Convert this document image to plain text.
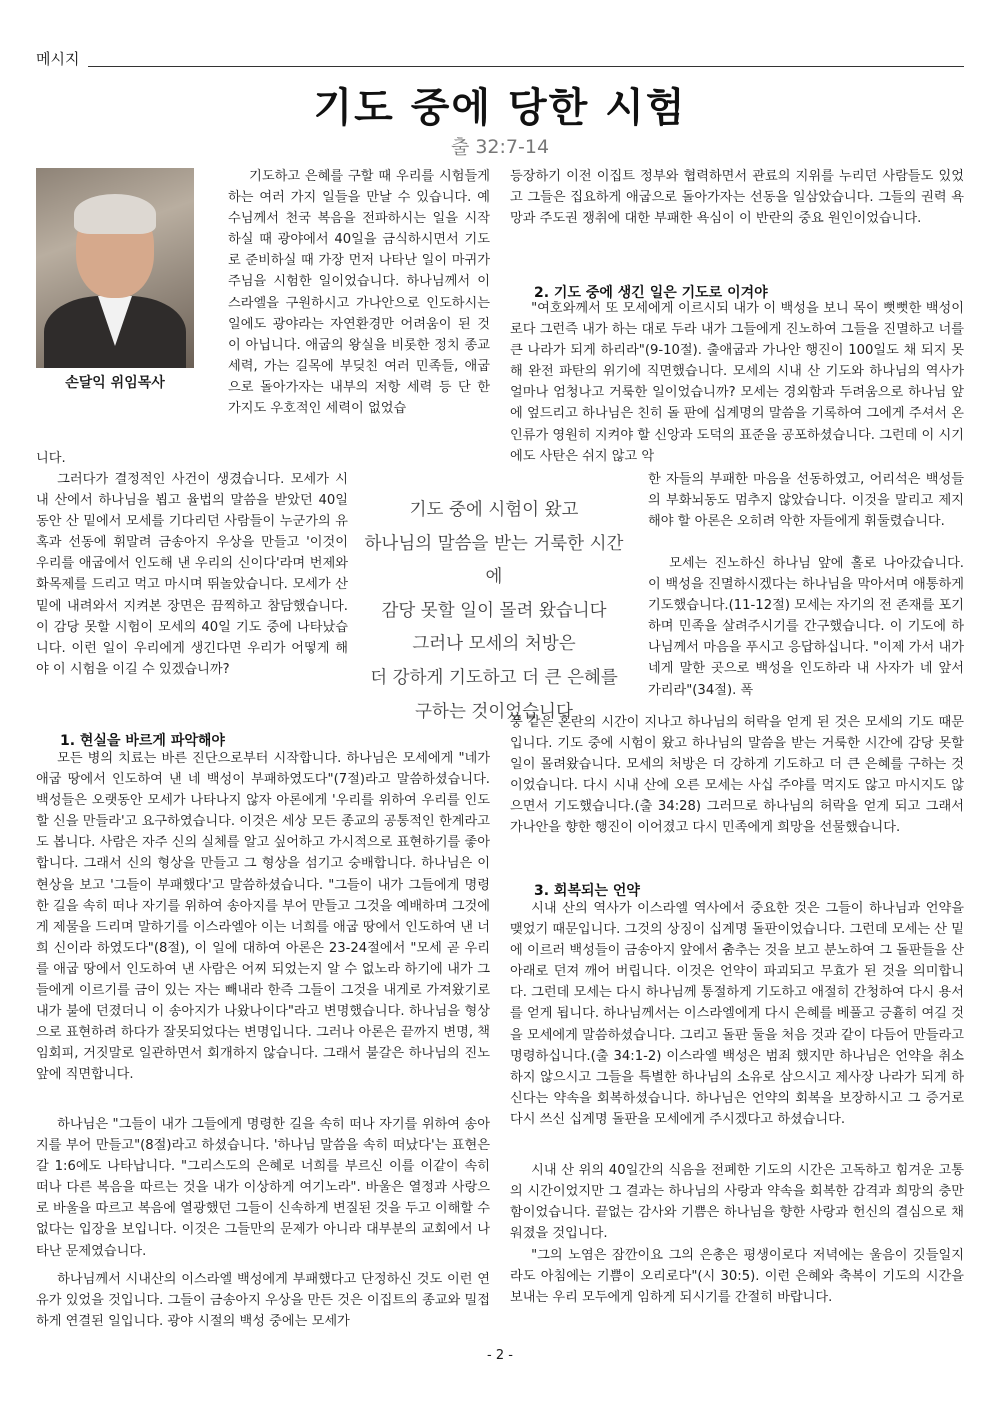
메시지
기도 중에 당한 시험
출 32:7-14
손달익 위임목사

기도하고 은혜를 구할 때 우리를 시험들게 하는 여러 가지 일들을 만날 수 있습니다. 예수님께서 천국 복음을 전파하시는 일을 시작하실 때 광야에서 40일을 금식하시면서 기도로 준비하실 때 가장 먼저 나타난 일이 마귀가 주님을 시험한 일이었습니다. 하나님께서 이스라엘을 구원하시고 가나안으로 인도하시는 일에도 광야라는 자연환경만 어려움이 된 것이 아닙니다. 애굽의 왕실을 비롯한 정치 종교 세력, 가는 길목에 부딪친 여러 민족들, 애굽으로 돌아가자는 내부의 저항 세력 등 단 한 가지도 우호적인 세력이 없었습

니다.

그러다가 결정적인 사건이 생겼습니다. 모세가 시내 산에서 하나님을 뵙고 율법의 말씀을 받았던 40일 동안 산 밑에서 모세를 기다리던 사람들이 누군가의 유혹과 선동에 휘말려 금송아지 우상을 만들고 '이것이 우리를 애굽에서 인도해 낸 우리의 신이다'라며 번제와 화목제를 드리고 먹고 마시며 뛰놀았습니다. 모세가 산 밑에 내려와서 지켜본 장면은 끔찍하고 참담했습니다. 이 감당 못할 시험이 모세의 40일 기도 중에 나타났습니다. 이런 일이 우리에게 생긴다면 우리가 어떻게 해야 이 시험을 이길 수 있겠습니까?

기도 중에 시험이 왔고
하나님의 말씀을 받는 거룩한 시간에
감당 못할 일이 몰려 왔습니다
그러나 모세의 처방은
더 강하게 기도하고 더 큰 은혜를
구하는 것이었습니다
1. 현실을 바르게 파악해야

모든 병의 치료는 바른 진단으로부터 시작합니다. 하나님은 모세에게 "네가 애굽 땅에서 인도하여 낸 네 백성이 부패하였도다"(7절)라고 말씀하셨습니다. 백성들은 오랫동안 모세가 나타나지 않자 아론에게 '우리를 위하여 우리를 인도할 신을 만들라'고 요구하였습니다. 이것은 세상 모든 종교의 공통적인 한계라고도 봅니다. 사람은 자주 신의 실체를 알고 싶어하고 가시적으로 표현하기를 좋아합니다. 그래서 신의 형상을 만들고 그 형상을 섬기고 숭배합니다. 하나님은 이 현상을 보고 '그들이 부패했다'고 말씀하셨습니다. "그들이 내가 그들에게 명령한 길을 속히 떠나 자기를 위하여 송아지를 부어 만들고 그것을 예배하며 그것에게 제물을 드리며 말하기를 이스라엘아 이는 너희를 애굽 땅에서 인도하여 낸 너희 신이라 하였도다"(8절), 이 일에 대하여 아론은 23-24절에서 "모세 곧 우리를 애굽 땅에서 인도하여 낸 사람은 어찌 되었는지 알 수 없노라 하기에 내가 그들에게 이르기를 금이 있는 자는 빼내라 한즉 그들이 그것을 내게로 가져왔기로 내가 불에 던졌더니 이 송아지가 나왔나이다"라고 변명했습니다. 하나님을 형상으로 표현하려 하다가 잘못되었다는 변명입니다. 그러나 아론은 끝까지 변명, 책임회피, 거짓말로 일관하면서 회개하지 않습니다. 그래서 불갈은 하나님의 진노 앞에 직면합니다.

하나님은 "그들이 내가 그들에게 명령한 길을 속히 떠나 자기를 위하여 송아지를 부어 만들고"(8절)라고 하셨습니다. '하나님 말씀을 속히 떠났다'는 표현은 갈 1:6에도 나타납니다. "그리스도의 은혜로 너희를 부르신 이를 이같이 속히 떠나 다른 복음을 따르는 것을 내가 이상하게 여기노라". 바울은 열정과 사랑으로 바울을 따르고 복음에 열광했던 그들이 신속하게 변질된 것을 두고 이해할 수 없다는 입장을 보입니다. 이것은 그들만의 문제가 아니라 대부분의 교회에서 나타난 문제였습니다.

하나님께서 시내산의 이스라엘 백성에게 부패했다고 단정하신 것도 이런 연유가 있었을 것입니다. 그들이 금송아지 우상을 만든 것은 이집트의 종교와 밀접하게 연결된 일입니다. 광야 시절의 백성 중에는 모세가

등장하기 이전 이집트 정부와 협력하면서 관료의 지위를 누리던 사람들도 있었고 그들은 집요하게 애굽으로 돌아가자는 선동을 일삼았습니다. 그들의 권력 욕망과 주도권 쟁취에 대한 부패한 욕심이 이 반란의 중요 원인이었습니다.

2. 기도 중에 생긴 일은 기도로 이겨야

"여호와께서 또 모세에게 이르시되 내가 이 백성을 보니 목이 뻣뻣한 백성이로다 그런즉 내가 하는 대로 두라 내가 그들에게 진노하여 그들을 진멸하고 너를 큰 나라가 되게 하리라"(9-10절). 출애굽과 가나안 행진이 100일도 채 되지 못해 완전 파탄의 위기에 직면했습니다. 모세의 시내 산 기도와 하나님의 역사가 얼마나 엄청나고 거룩한 일이었습니까? 모세는 경외함과 두려움으로 하나님 앞에 엎드리고 하나님은 친히 돌 판에 십계명의 말씀을 기록하여 그에게 주셔서 온 인류가 영원히 지켜야 할 신앙과 도덕의 표준을 공포하셨습니다. 그런데 이 시기에도 사탄은 쉬지 않고 악

한 자들의 부패한 마음을 선동하였고, 어리석은 백성들의 부화뇌동도 멈추지 않았습니다. 이것을 말리고 제지해야 할 아론은 오히려 악한 자들에게 휘둘렸습니다.

모세는 진노하신 하나님 앞에 홀로 나아갔습니다. 이 백성을 진멸하시겠다는 하나님을 막아서며 애통하게 기도했습니다.(11-12절) 모세는 자기의 전 존재를 포기하며 민족을 살려주시기를 간구했습니다. 이 기도에 하나님께서 마음을 푸시고 응답하십니다. "이제 가서 내가 네게 말한 곳으로 백성을 인도하라 내 사자가 네 앞서 가리라"(34절). 폭

풍 같은 혼란의 시간이 지나고 하나님의 허락을 얻게 된 것은 모세의 기도 때문입니다. 기도 중에 시험이 왔고 하나님의 말씀을 받는 거룩한 시간에 감당 못할 일이 몰려왔습니다. 모세의 처방은 더 강하게 기도하고 더 큰 은혜를 구하는 것이었습니다. 다시 시내 산에 오른 모세는 사십 주야를 먹지도 않고 마시지도 않으면서 기도했습니다.(출 34:28) 그러므로 하나님의 허락을 얻게 되고 그래서 가나안을 향한 행진이 이어졌고 다시 민족에게 희망을 선물했습니다.

3. 회복되는 언약

시내 산의 역사가 이스라엘 역사에서 중요한 것은 그들이 하나님과 언약을 맺었기 때문입니다. 그것의 상징이 십계명 돌판이었습니다. 그런데 모세는 산 밑에 이르러 백성들이 금송아지 앞에서 춤추는 것을 보고 분노하여 그 돌판들을 산 아래로 던져 깨어 버립니다. 이것은 언약이 파괴되고 무효가 된 것을 의미합니다. 그런데 모세는 다시 하나님께 통절하게 기도하고 애절히 간청하여 다시 용서를 얻게 됩니다. 하나님께서는 이스라엘에게 다시 은혜를 베풀고 긍휼히 여길 것을 모세에게 말씀하셨습니다. 그리고 돌판 둘을 처음 것과 같이 다듬어 만들라고 명령하십니다.(출 34:1-2) 이스라엘 백성은 범죄 했지만 하나님은 언약을 취소하지 않으시고 그들을 특별한 하나님의 소유로 삼으시고 제사장 나라가 되게 하신다는 약속을 회복하셨습니다. 하나님은 언약의 회복을 보장하시고 그 증거로 다시 쓰신 십계명 돌판을 모세에게 주시겠다고 하셨습니다.

시내 산 위의 40일간의 식음을 전폐한 기도의 시간은 고독하고 힘겨운 고통의 시간이었지만 그 결과는 하나님의 사랑과 약속을 회복한 감격과 희망의 충만함이었습니다. 끝없는 감사와 기쁨은 하나님을 향한 사랑과 헌신의 결심으로 채워졌을 것입니다.

"그의 노염은 잠깐이요 그의 은총은 평생이로다 저녁에는 울음이 깃들일지라도 아침에는 기쁨이 오리로다"(시 30:5). 이런 은혜와 축복이 기도의 시간을 보내는 우리 모두에게 임하게 되시기를 간절히 바랍니다.

- 2 -
